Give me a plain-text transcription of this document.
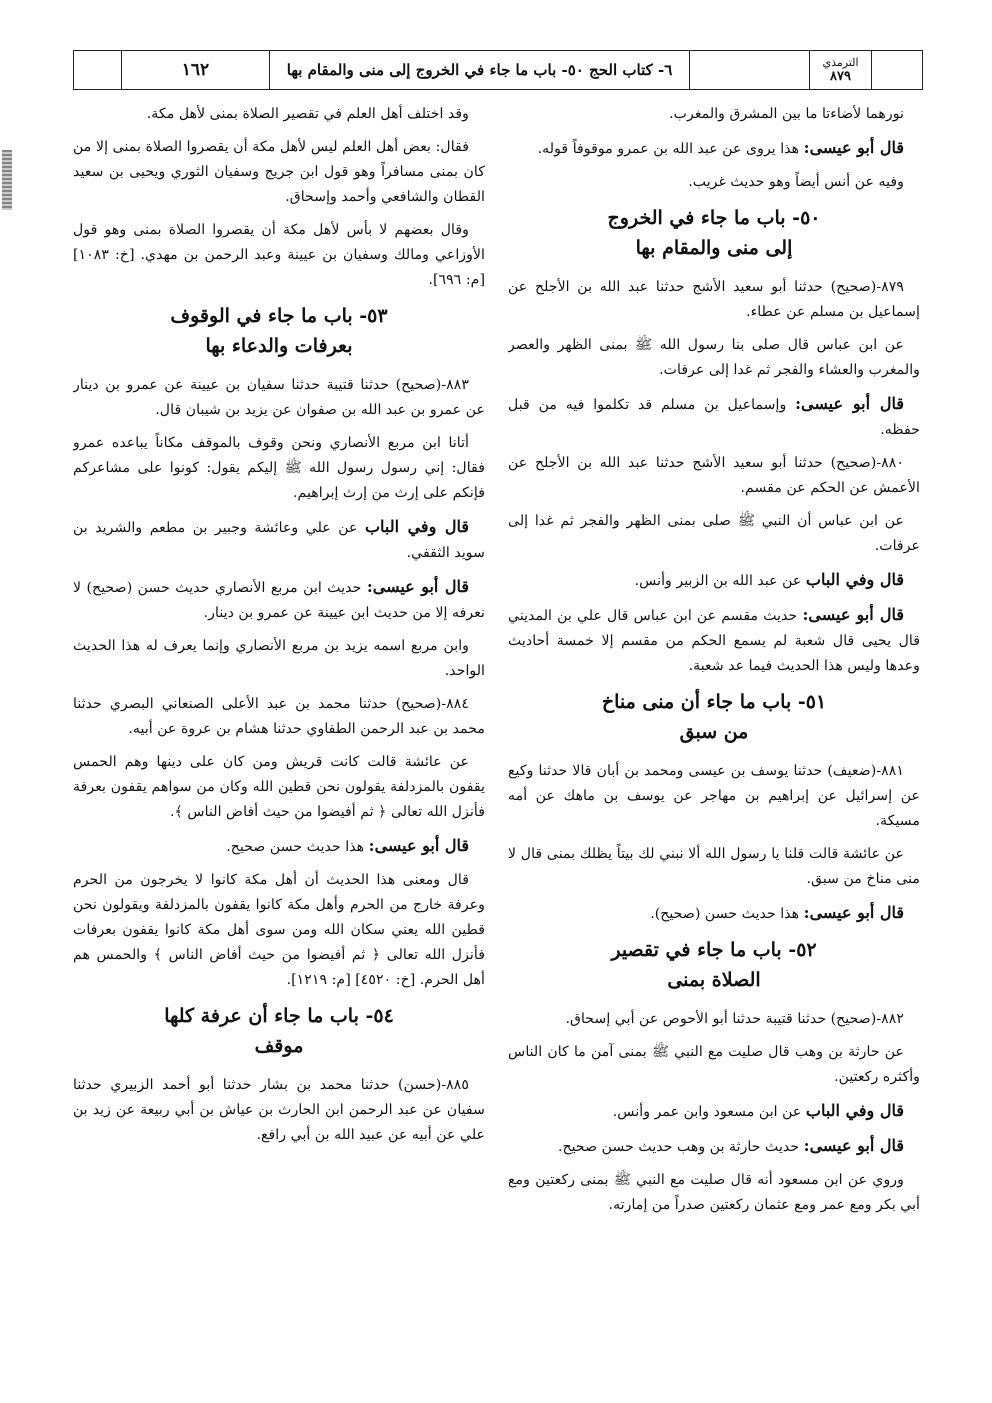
١٦٢	٦- كتاب الحج ٥٠- باب ما جاء في الخروج إلى منى والمقام بها	الترمذي
٨٧٩

نورهما لأضاءتا ما بين المشرق والمغرب.

قال أبو عيسى: هذا يروى عن عبد الله بن عمرو موقوفاً قوله.

وفيه عن أنس أيضاً وهو حديث غريب.

٥٠- باب ما جاء في الخروج
إلى منى والمقام بها

٨٧٩-(صحيح) حدثنا أبو سعيد الأشج حدثنا عبد الله بن الأجلح عن إسماعيل بن مسلم عن عطاء.

عن ابن عباس قال صلى بنا رسول الله ﷺ بمنى الظهر والعصر والمغرب والعشاء والفجر ثم غدا إلى عرفات.

قال أبو عيسى: وإسماعيل بن مسلم قد تكلموا فيه من قبل حفظه.

٨٨٠-(صحيح) حدثنا أبو سعيد الأشج حدثنا عبد الله بن الأجلح عن الأعمش عن الحكم عن مقسم.

عن ابن عباس أن النبي ﷺ صلى بمنى الظهر والفجر ثم غدا إلى عرفات.

قال وفي الباب عن عبد الله بن الزبير وأنس.

قال أبو عيسى: حديث مقسم عن ابن عباس قال علي بن المديني قال يحيى قال شعبة لم يسمع الحكم من مقسم إلا خمسة أحاديث وعدها وليس هذا الحديث فيما عد شعبة.

٥١- باب ما جاء أن منى مناخ
من سبق

٨٨١-(ضعيف) حدثنا يوسف بن عيسى ومحمد بن أبان قالا حدثنا وكيع عن إسرائيل عن إبراهيم بن مهاجر عن يوسف بن ماهك عن أمه مسيكة.

عن عائشة قالت قلنا يا رسول الله ألا نبني لك بيتاً يظلك بمنى قال لا منى مناخ من سبق.

قال أبو عيسى: هذا حديث حسن (صحيح).

٥٢- باب ما جاء في تقصير
الصلاة بمنى

٨٨٢-(صحيح) حدثنا قتيبة حدثنا أبو الأحوص عن أبي إسحاق.

عن حارثة بن وهب قال صليت مع النبي ﷺ بمنى آمن ما كان الناس وأكثره ركعتين.

قال وفي الباب عن ابن مسعود وابن عمر وأنس.

قال أبو عيسى: حديث حارثة بن وهب حديث حسن صحيح.

وروي عن ابن مسعود أنه قال صليت مع النبي ﷺ بمنى ركعتين ومع أبي بكر ومع عمر ومع عثمان ركعتين صدراً من إمارته.

وقد اختلف أهل العلم في تقصير الصلاة بمنى لأهل مكة.

فقال: بعض أهل العلم ليس لأهل مكة أن يقصروا الصلاة بمنى إلا من كان بمنى مسافراً وهو قول ابن جريج وسفيان الثوري ويحيى بن سعيد القطان والشافعي وأحمد وإسحاق.

وقال بعضهم لا بأس لأهل مكة أن يقصروا الصلاة بمنى وهو قول الأوزاعي ومالك وسفيان بن عيينة وعبد الرحمن بن مهدي. [خ: ١٠٨٣] [م: ٦٩٦].

٥٣- باب ما جاء في الوقوف
بعرفات والدعاء بها

٨٨٣-(صحيح) حدثنا قتيبة حدثنا سفيان بن عيينة عن عمرو بن دينار عن عمرو بن عبد الله بن صفوان عن يزيد بن شيبان قال.

أتانا ابن مربع الأنصاري ونحن وقوف بالموقف مكاناً يباعده عمرو فقال: إني رسول رسول الله ﷺ إليكم يقول: كونوا على مشاعركم فإنكم على إرث من إرث إبراهيم.

قال وفي الباب عن علي وعائشة وجبير بن مطعم والشريد بن سويد الثقفي.

قال أبو عيسى: حديث ابن مربع الأنصاري حديث حسن (صحيح) لا نعرفه إلا من حديث ابن عيينة عن عمرو بن دينار.

وابن مربع اسمه يزيد بن مربع الأنصاري وإنما يعرف له هذا الحديث الواحد.

٨٨٤-(صحيح) حدثنا محمد بن عبد الأعلى الصنعاني البصري حدثنا محمد بن عبد الرحمن الطفاوي حدثنا هشام بن عروة عن أبيه.

عن عائشة قالت كانت قريش ومن كان على دينها وهم الحمس يقفون بالمزدلفة يقولون نحن قطين الله وكان من سواهم يقفون بعرفة فأنزل الله تعالى ﴿ ثم أفيضوا من حيث أفاض الناس ﴾.

قال أبو عيسى: هذا حديث حسن صحيح.

قال ومعنى هذا الحديث أن أهل مكة كانوا لا يخرجون من الحرم وعرفة خارج من الحرم وأهل مكة كانوا يقفون بالمزدلفة ويقولون نحن قطين الله يعني سكان الله ومن سوى أهل مكة كانوا يقفون بعرفات فأنزل الله تعالى ﴿ ثم أفيضوا من حيث أفاض الناس ﴾ والحمس هم أهل الحرم. [خ: ٤٥٢٠] [م: ١٢١٩].

٥٤- باب ما جاء أن عرفة كلها
موقف

٨٨٥-(حسن) حدثنا محمد بن بشار حدثنا أبو أحمد الزبيري حدثنا سفيان عن عبد الرحمن ابن الحارث بن عياش بن أبي ربيعة عن زيد بن علي عن أبيه عن عبيد الله بن أبي رافع.
